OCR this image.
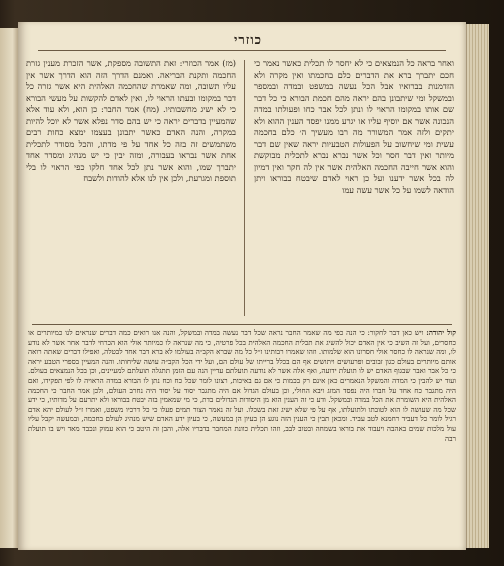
כוזרי
ואחר בראה כל הנמצאים כי לא יחסר לו תכלית כאשר נאמר כי חכם יתברך ברא את הדברים כלם בחכמתו ואין מקרה ולא הזדמנות בברואיו אבל הכל נעשה במשפט ובמדה ובמספר ובמשקל ומי שיתבונן בהם יראה מהם חכמת הבורא כי כל דבר שם אותו במקומו הראוי לו ונתן לכל אבר כחו ופעולתו במדה הנכונה אשר אם יוסיף עליו או יגרע ממנו יפסד הענין ההוא ולא יתקים ולזה אמר המשורר מה רבו מעשיך ה׳ כלם בחכמה עשית ומי שיחשוב על הפעולות הטבעיות יראה שאין שם דבר מיותר ואין דבר חסר וכל אשר נברא נברא לתכלית מבוקשת והוא אשר חייבה החכמה האלהית אשר אין לה חקר ואין דמיון לה בכל אשר ידענו ועל כן ראוי לאדם שיבטח בבוראו ויתן הודאה לשמו על כל אשר עשה עמו
(מז) אמר הכוזרי: זאת התשובה מספקת, אשר הזכרת מענין גזרת החכמה ותקנת הבריאה. ואמנם הדרך הזה הוא הדרך אשר אין עליו תשובה, ומה שאמרת שהחכמה האלהית היא אשר גזרה כל דבר במקומו ובעתו הראוי לו, ואין לאדם להקשות על מעשי הבורא כי לא ישיג מחשבותיו. (מח) אמר החבר: כן הוא, ולא עוד אלא שהמעיין בדברים יראה כי יש בהם סדר נפלא אשר לא יוכל להיות במקרה, והנה האדם כאשר יתבונן בעצמו ימצא כחות רבים משתמשים זה בזה כל אחד על פי מדתו, והכל מסודר לתכלית אחת אשר נבראו בעבורה, ומזה יבין כי יש מנהיג ומסדר אחד יתברך שמו, והוא אשר נתן לכל אחד חלקו כפי הראוי לו בלי תוספת ומגרעת, ולכן אין לנו אלא להודות ולשבח
קול יהודה: ויש כאן דבר לחקור: כי הנה כפי מה שאמר החבר נראה שכל דבר נעשה במדה ובמשקל, והנה אנו רואים כמה דברים שנראים לנו כמיותרים או כחסרים, ועל זה השיב כי אין האדם יכול להשיג את תכלית החכמה האלהית בכל פרטיה, כי מה שנראה לו כמיותר אולי הוא הכרחי לדבר אחר אשר לא נודע לו, ומה שנראה לו כחסר אולי חסרונו הוא שלמותו. וזהו שאמרו רבותינו ז״ל כל מה שברא הקב״ה בעולמו לא ברא דבר אחד לבטלה, ואפילו דברים שאתה רואה אותם מיותרים בעולם כגון זבובים ופרעושים ויתושים אף הם בכלל ברייתו של עולם הם, ועל ידי הכל הקב״ה עושה שליחותו. והנה המעיין בספרי הטבע יראה כי כל אבר ואבר שבגוף האדם יש לו תועלת ידועה, ואף אלה אשר לא נודעה תועלתם עדיין הנה עם הזמן תתגלה תועלתם למעיינים, וכן בכל הנמצאים בעולם. ועוד יש להבין כי המדה והמשקל הנאמרים כאן אינם רק בכמות כי אם גם באיכות, רצונו לומר שכל כח וכח נתן לו הבורא במדה הראויה לו לפי תפקידו, ואם היה מתגבר כח אחד על חברו היה נפסד המזג ויבא החולי, וכן בעולם הגדול אם היה מתגבר יסוד על יסוד היה נחרב העולם, ולכן אמר החבר כי החכמה האלהית היא השומרת את הכל במדה ובמשקל. ודע כי זה הענין הוא מן היסודות הגדולים בדת, כי מי שמאמין בזה יבטח בבוראו ולא יתרעם על מדותיו, כי ידע שכל מה שעושה לו הוא לטובתו ולתועלתו, אף על פי שלא ישיג זאת בשכלו. ועל זה נאמר הצור תמים פעלו כי כל דרכיו משפט, ואמרו ז״ל לעולם יהא אדם רגיל לומר כל דעביד רחמנא לטב עביד. ומכאן תבין כי הענין הזה נוגע הן בעיון הן במעשה, כי בעיון ידע האדם שיש מנהיג לעולם בחכמה, ובמעשה יקבל עליו עול מלכות שמים באהבה ויעבוד את בוראו בשמחה ובטוב לבב, וזהו תכלית כוונת המחבר בדבריו אלה, והבן זה היטב כי הוא עמוק ונכבד מאד ויש בו תועלת רבה
